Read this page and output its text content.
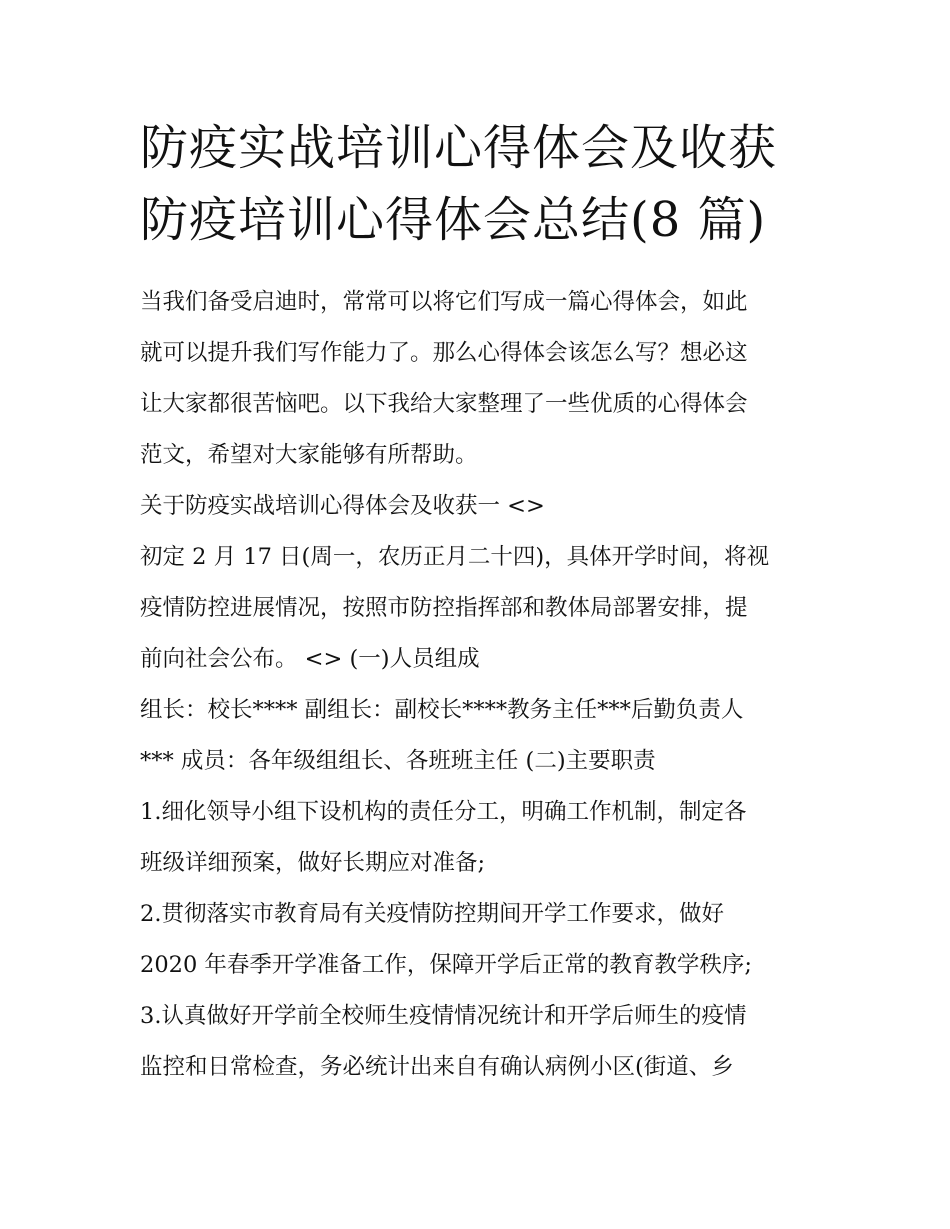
防疫实战培训心得体会及收获
防疫培训心得体会总结(8 篇)

当我们备受启迪时，常常可以将它们写成一篇心得体会，如此

就可以提升我们写作能力了。那么心得体会该怎么写？想必这

让大家都很苦恼吧。以下我给大家整理了一些优质的心得体会

范文，希望对大家能够有所帮助。

关于防疫实战培训心得体会及收获一 <>

初定 2 月 17 日(周一，农历正月二十四)，具体开学时间，将视

疫情防控进展情况，按照市防控指挥部和教体局部署安排，提

前向社会公布。 <> (一)人员组成

组长：校长**** 副组长：副校长****教务主任***后勤负责人

*** 成员：各年级组组长、各班班主任 (二)主要职责

1.细化领导小组下设机构的责任分工，明确工作机制，制定各

班级详细预案，做好长期应对准备;

2.贯彻落实市教育局有关疫情防控期间开学工作要求，做好

2020 年春季开学准备工作，保障开学后正常的教育教学秩序;

3.认真做好开学前全校师生疫情情况统计和开学后师生的疫情

监控和日常检查，务必统计出来自有确认病例小区(街道、乡
